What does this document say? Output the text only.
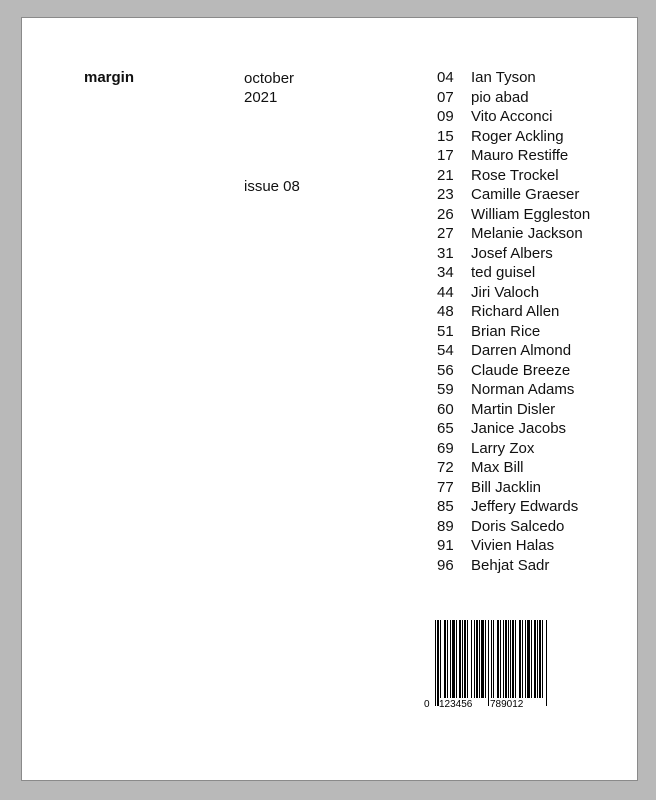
margin	october
2021
issue 08
04	Ian Tyson
07	pio abad
09	Vito Acconci
15	Roger Ackling
17	Mauro Restiffe
21	Rose Trockel
23	Camille Graeser
26	William Eggleston
27	Melanie Jackson
31	Josef Albers
34	ted guisel
44	Jiri Valoch
48	Richard Allen
51	Brian Rice
54	Darren Almond
56	Claude Breeze
59	Norman Adams
60	Martin Disler
65	Janice Jacobs
69	Larry Zox
72	Max Bill
77	Bill Jacklin
85	Jeffery Edwards
89	Doris Salcedo
91	Vivien Halas
96	Behjat Sadr
0 123456 789012
